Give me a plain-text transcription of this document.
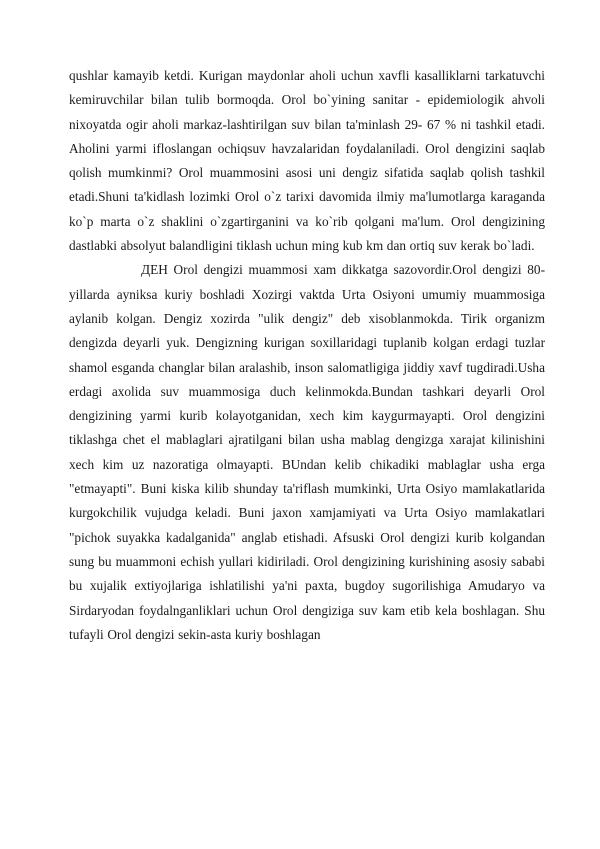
qushlar kamayib ketdi. Kurigan maydonlar aholi uchun xavfli kasalliklarni tarkatuvchi kemiruvchilar bilan tulib bormoqda. Orol bo`yining sanitar - epidemiologik ahvoli nixoyatda ogir aholi markaz-lashtirilgan suv bilan ta'minlash 29- 67 % ni tashkil etadi. Aholini yarmi ifloslangan ochiqsuv havzalaridan foydalaniladi. Orol dengizini saqlab qolish mumkinmi? Orol muammosini asosi uni dengiz sifatida saqlab qolish tashkil etadi.Shuni ta'kidlash lozimki Orol o`z tarixi davomida ilmiy ma'lumotlarga karaganda ko`p marta o`z shaklini o`zgartirganini va ko`rib qolgani ma'lum. Orol dengizining dastlabki absolyut balandligini tiklash uchun ming kub km dan ortiq suv kerak bo`ladi.

ДЕН Orol dengizi muammosi xam dikkatga sazovordir.Orol dengizi 80-yillarda ayniksa kuriy boshladi Xozirgi vaktda Urta Osiyoni umumiy muammosiga aylanib kolgan. Dengiz xozirda "ulik dengiz" deb xisoblanmokda. Tirik organizm dengizda deyarli yuk. Dengizning kurigan soxillaridagi tuplanib kolgan erdagi tuzlar shamol esganda changlar bilan aralashib, inson salomatligiga jiddiy xavf tugdiradi.Usha erdagi axolida suv muammosiga duch kelinmokda.Bundan tashkari deyarli Orol dengizining yarmi kurib kolayotganidan, xech kim kaygurmayapti. Orol dengizini tiklashga chet el mablaglari ajratilgani bilan usha mablag dengizga xarajat kilinishini xech kim uz nazoratiga olmayapti. BUndan kelib chikadiki mablaglar usha erga "etmayapti". Buni kiska kilib shunday ta'riflash mumkinki, Urta Osiyo mamlakatlarida kurgokchilik vujudga keladi. Buni jaxon xamjamiyati va Urta Osiyo mamlakatlari "pichok suyakka kadalganida" anglab etishadi. Afsuski Orol dengizi kurib kolgandan sung bu muammoni echish yullari kidiriladi. Orol dengizining kurishining asosiy sababi bu xujalik extiyojlariga ishlatilishi ya'ni paxta, bugdoy sugorilishiga Amudaryo va Sirdaryodan foydalnganliklari uchun Orol dengiziga suv kam etib kela boshlagan. Shu tufayli Orol dengizi sekin-asta kuriy boshlagan
